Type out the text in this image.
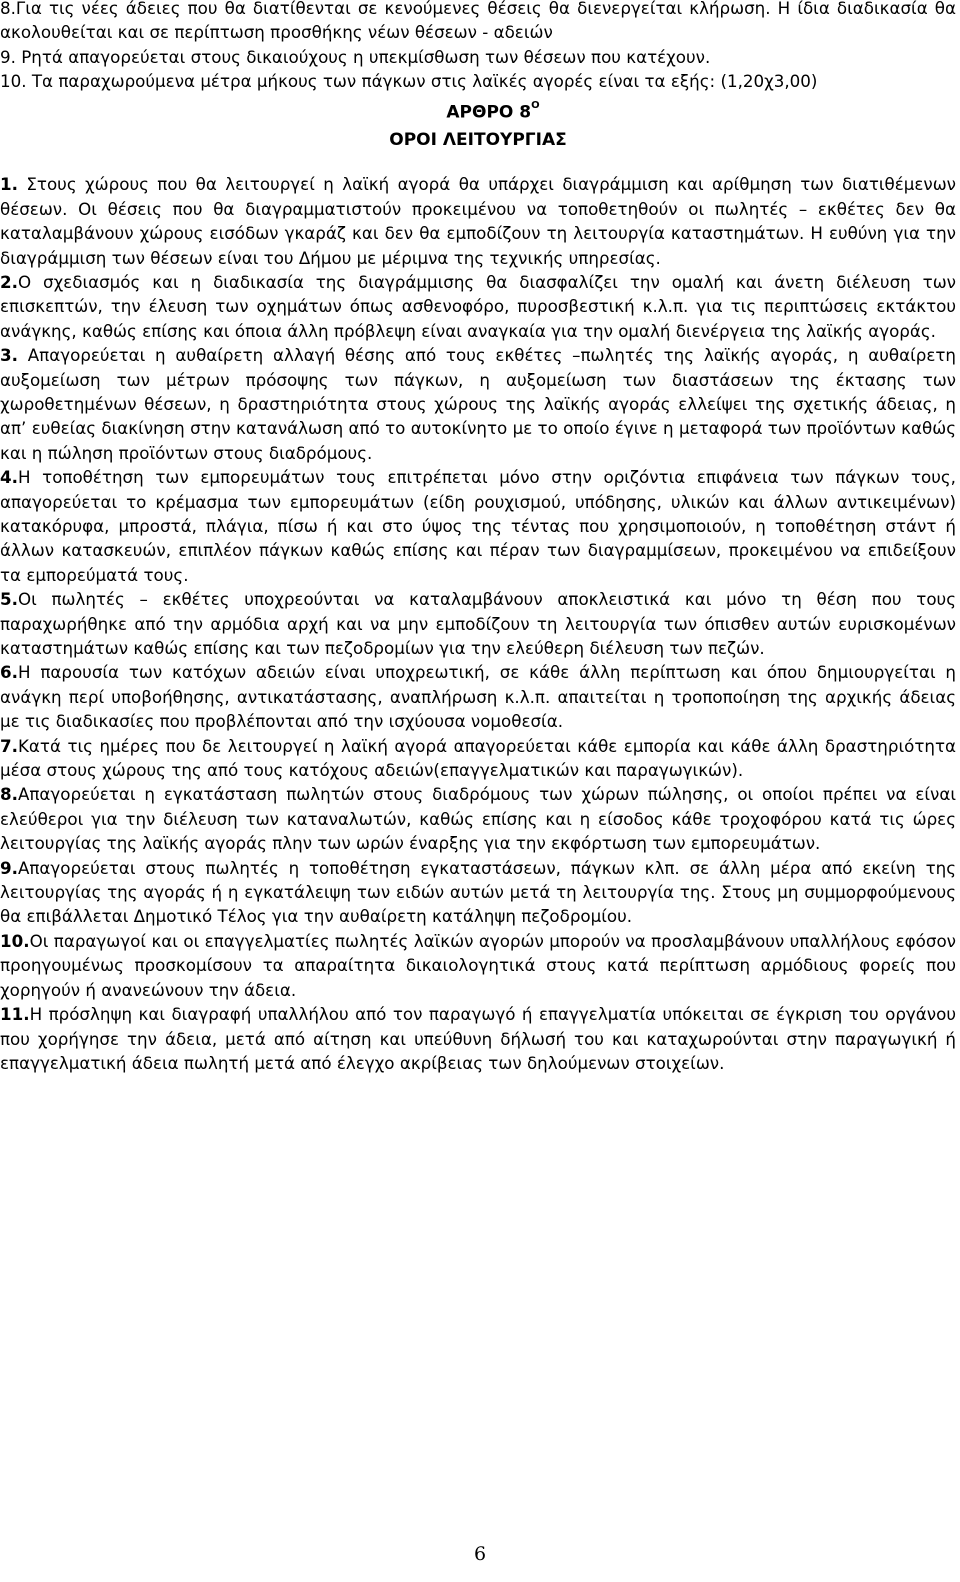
8.Για τις νέες άδειες που θα διατίθενται σε κενούμενες θέσεις θα διενεργείται κλήρωση. Η ίδια διαδικασία θα ακολουθείται και σε περίπτωση προσθήκης νέων θέσεων - αδειών

9. Ρητά απαγορεύεται στους δικαιούχους η υπεκμίσθωση των θέσεων που κατέχουν.

10. Τα παραχωρούμενα μέτρα μήκους των πάγκων στις λαϊκές αγορές είναι τα εξής: (1,20χ3,00)

ΑΡΘΡΟ $8^O$

ΟΡΟΙ ΛΕΙΤΟΥΡΓΙΑΣ

1. Στους χώρους που θα λειτουργεί η λαϊκή αγορά θα υπάρχει διαγράμμιση και αρίθμηση των διατιθέμενων θέσεων. Οι θέσεις που θα διαγραμματιστούν προκειμένου να τοποθετηθούν οι πωλητές – εκθέτες δεν θα καταλαμβάνουν χώρους εισόδων γκαράζ και δεν θα εμποδίζουν τη λειτουργία καταστημάτων. Η ευθύνη για την διαγράμμιση των θέσεων είναι του Δήμου με μέριμνα της τεχνικής υπηρεσίας.

2.Ο σχεδιασμός και η διαδικασία της διαγράμμισης θα διασφαλίζει την ομαλή και άνετη διέλευση των επισκεπτών, την έλευση των οχημάτων όπως ασθενοφόρο, πυροσβεστική κ.λ.π. για τις περιπτώσεις εκτάκτου ανάγκης, καθώς επίσης και όποια άλλη πρόβλεψη είναι αναγκαία για την ομαλή διενέργεια της λαϊκής αγοράς.

3. Απαγορεύεται η αυθαίρετη αλλαγή θέσης από τους εκθέτες –πωλητές της λαϊκής αγοράς, η αυθαίρετη αυξομείωση των μέτρων πρόσοψης των πάγκων, η αυξομείωση των διαστάσεων της έκτασης των χωροθετημένων θέσεων, η δραστηριότητα στους χώρους της λαϊκής αγοράς ελλείψει της σχετικής άδειας, η απ’ ευθείας διακίνηση στην κατανάλωση από το αυτοκίνητο με το οποίο έγινε η μεταφορά των προϊόντων καθώς και η πώληση προϊόντων στους διαδρόμους.

4.Η τοποθέτηση των εμπορευμάτων τους επιτρέπεται μόνο στην οριζόντια επιφάνεια των πάγκων τους, απαγορεύεται το κρέμασμα των εμπορευμάτων (είδη ρουχισμού, υπόδησης, υλικών και άλλων αντικειμένων) κατακόρυφα, μπροστά, πλάγια, πίσω ή και στο ύψος της τέντας που χρησιμοποιούν, η τοποθέτηση στάντ ή άλλων κατασκευών, επιπλέον πάγκων καθώς επίσης και πέραν των διαγραμμίσεων, προκειμένου να επιδείξουν τα εμπορεύματά τους.

5.Οι πωλητές – εκθέτες υποχρεούνται να καταλαμβάνουν αποκλειστικά και μόνο τη θέση που τους παραχωρήθηκε από την αρμόδια αρχή και να μην εμποδίζουν τη λειτουργία των όπισθεν αυτών ευρισκομένων καταστημάτων καθώς επίσης και των πεζοδρομίων για την ελεύθερη διέλευση των πεζών.

6.Η παρουσία των κατόχων αδειών είναι υποχρεωτική, σε κάθε άλλη περίπτωση και όπου δημιουργείται η ανάγκη περί υποβοήθησης, αντικατάστασης, αναπλήρωση κ.λ.π. απαιτείται η τροποποίηση της αρχικής άδειας με τις διαδικασίες που προβλέπονται από την ισχύουσα νομοθεσία.

7.Κατά τις ημέρες που δε λειτουργεί η λαϊκή αγορά απαγορεύεται κάθε εμπορία και κάθε άλλη δραστηριότητα μέσα στους χώρους της από τους κατόχους αδειών(επαγγελματικών και παραγωγικών).

8.Απαγορεύεται η εγκατάσταση πωλητών στους διαδρόμους των χώρων πώλησης, οι οποίοι πρέπει να είναι ελεύθεροι για την διέλευση των καταναλωτών, καθώς επίσης και η είσοδος κάθε τροχοφόρου κατά τις ώρες λειτουργίας της λαϊκής αγοράς πλην των ωρών έναρξης για την εκφόρτωση των εμπορευμάτων.

9.Απαγορεύεται στους πωλητές η τοποθέτηση εγκαταστάσεων, πάγκων κλπ. σε άλλη μέρα από εκείνη της λειτουργίας της αγοράς ή η εγκατάλειψη των ειδών αυτών μετά τη λειτουργία της. Στους μη συμμορφούμενους θα επιβάλλεται Δημοτικό Τέλος για την αυθαίρετη κατάληψη πεζοδρομίου.

10.Οι παραγωγοί και οι επαγγελματίες πωλητές λαϊκών αγορών μπορούν να προσλαμβάνουν υπαλλήλους εφόσον προηγουμένως προσκομίσουν τα απαραίτητα δικαιολογητικά στους κατά περίπτωση αρμόδιους φορείς που χορηγούν ή ανανεώνουν την άδεια.

11.Η πρόσληψη και διαγραφή υπαλλήλου από τον παραγωγό ή επαγγελματία υπόκειται σε έγκριση του οργάνου που χορήγησε την άδεια, μετά από αίτηση και υπεύθυνη δήλωσή του και καταχωρούνται στην παραγωγική ή επαγγελματική άδεια πωλητή μετά από έλεγχο ακρίβειας των δηλούμενων στοιχείων.

6
